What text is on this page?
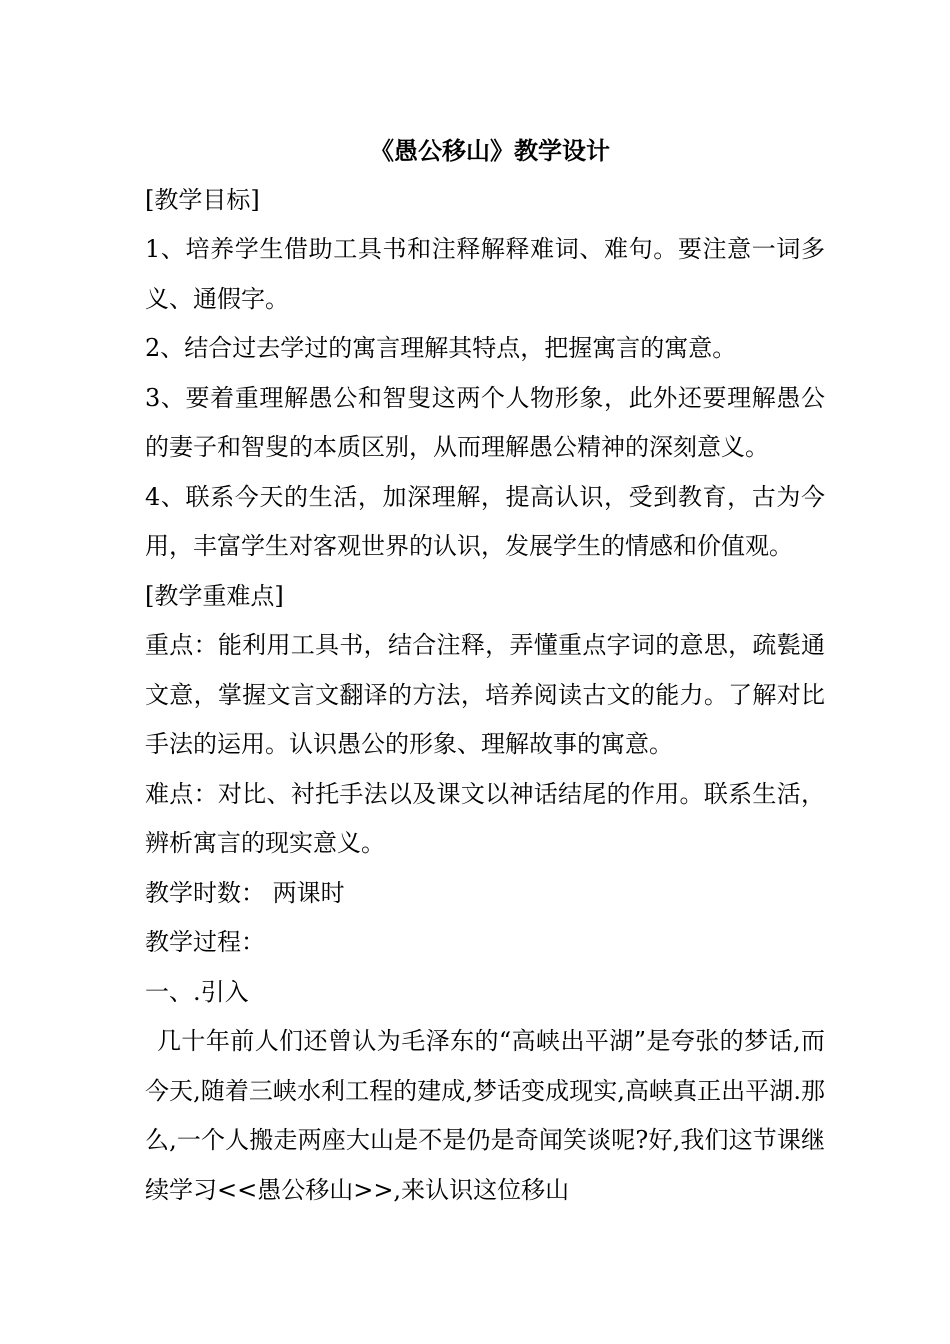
《愚公移山》教学设计

[教学目标]

1、培养学生借助工具书和注释解释难词、难句。要注意一词多义、通假字。

2、结合过去学过的寓言理解其特点，把握寓言的寓意。

3、要着重理解愚公和智叟这两个人物形象，此外还要理解愚公的妻子和智叟的本质区别，从而理解愚公精神的深刻意义。

4、联系今天的生活，加深理解，提高认识，受到教育，古为今用，丰富学生对客观世界的认识，发展学生的情感和价值观。

[教学重难点]

重点：能利用工具书，结合注释，弄懂重点字词的意思，疏甏通文意，掌握文言文翻译的方法，培养阅读古文的能力。了解对比手法的运用。认识愚公的形象、理解故事的寓意。

难点：对比、衬托手法以及课文以神话结尾的作用。联系生活，辨析寓言的现实意义。

教学时数： 两课时

教学过程：

一、.引入

几十年前人们还曾认为毛泽东的“高峡出平湖”是夸张的梦话,而今天,随着三峡水利工程的建成,梦话变成现实,高峡真正出平湖.那么,一个人搬走两座大山是不是仍是奇闻笑谈呢?好,我们这节课继续学习<<愚公移山>>,来认识这位移山
